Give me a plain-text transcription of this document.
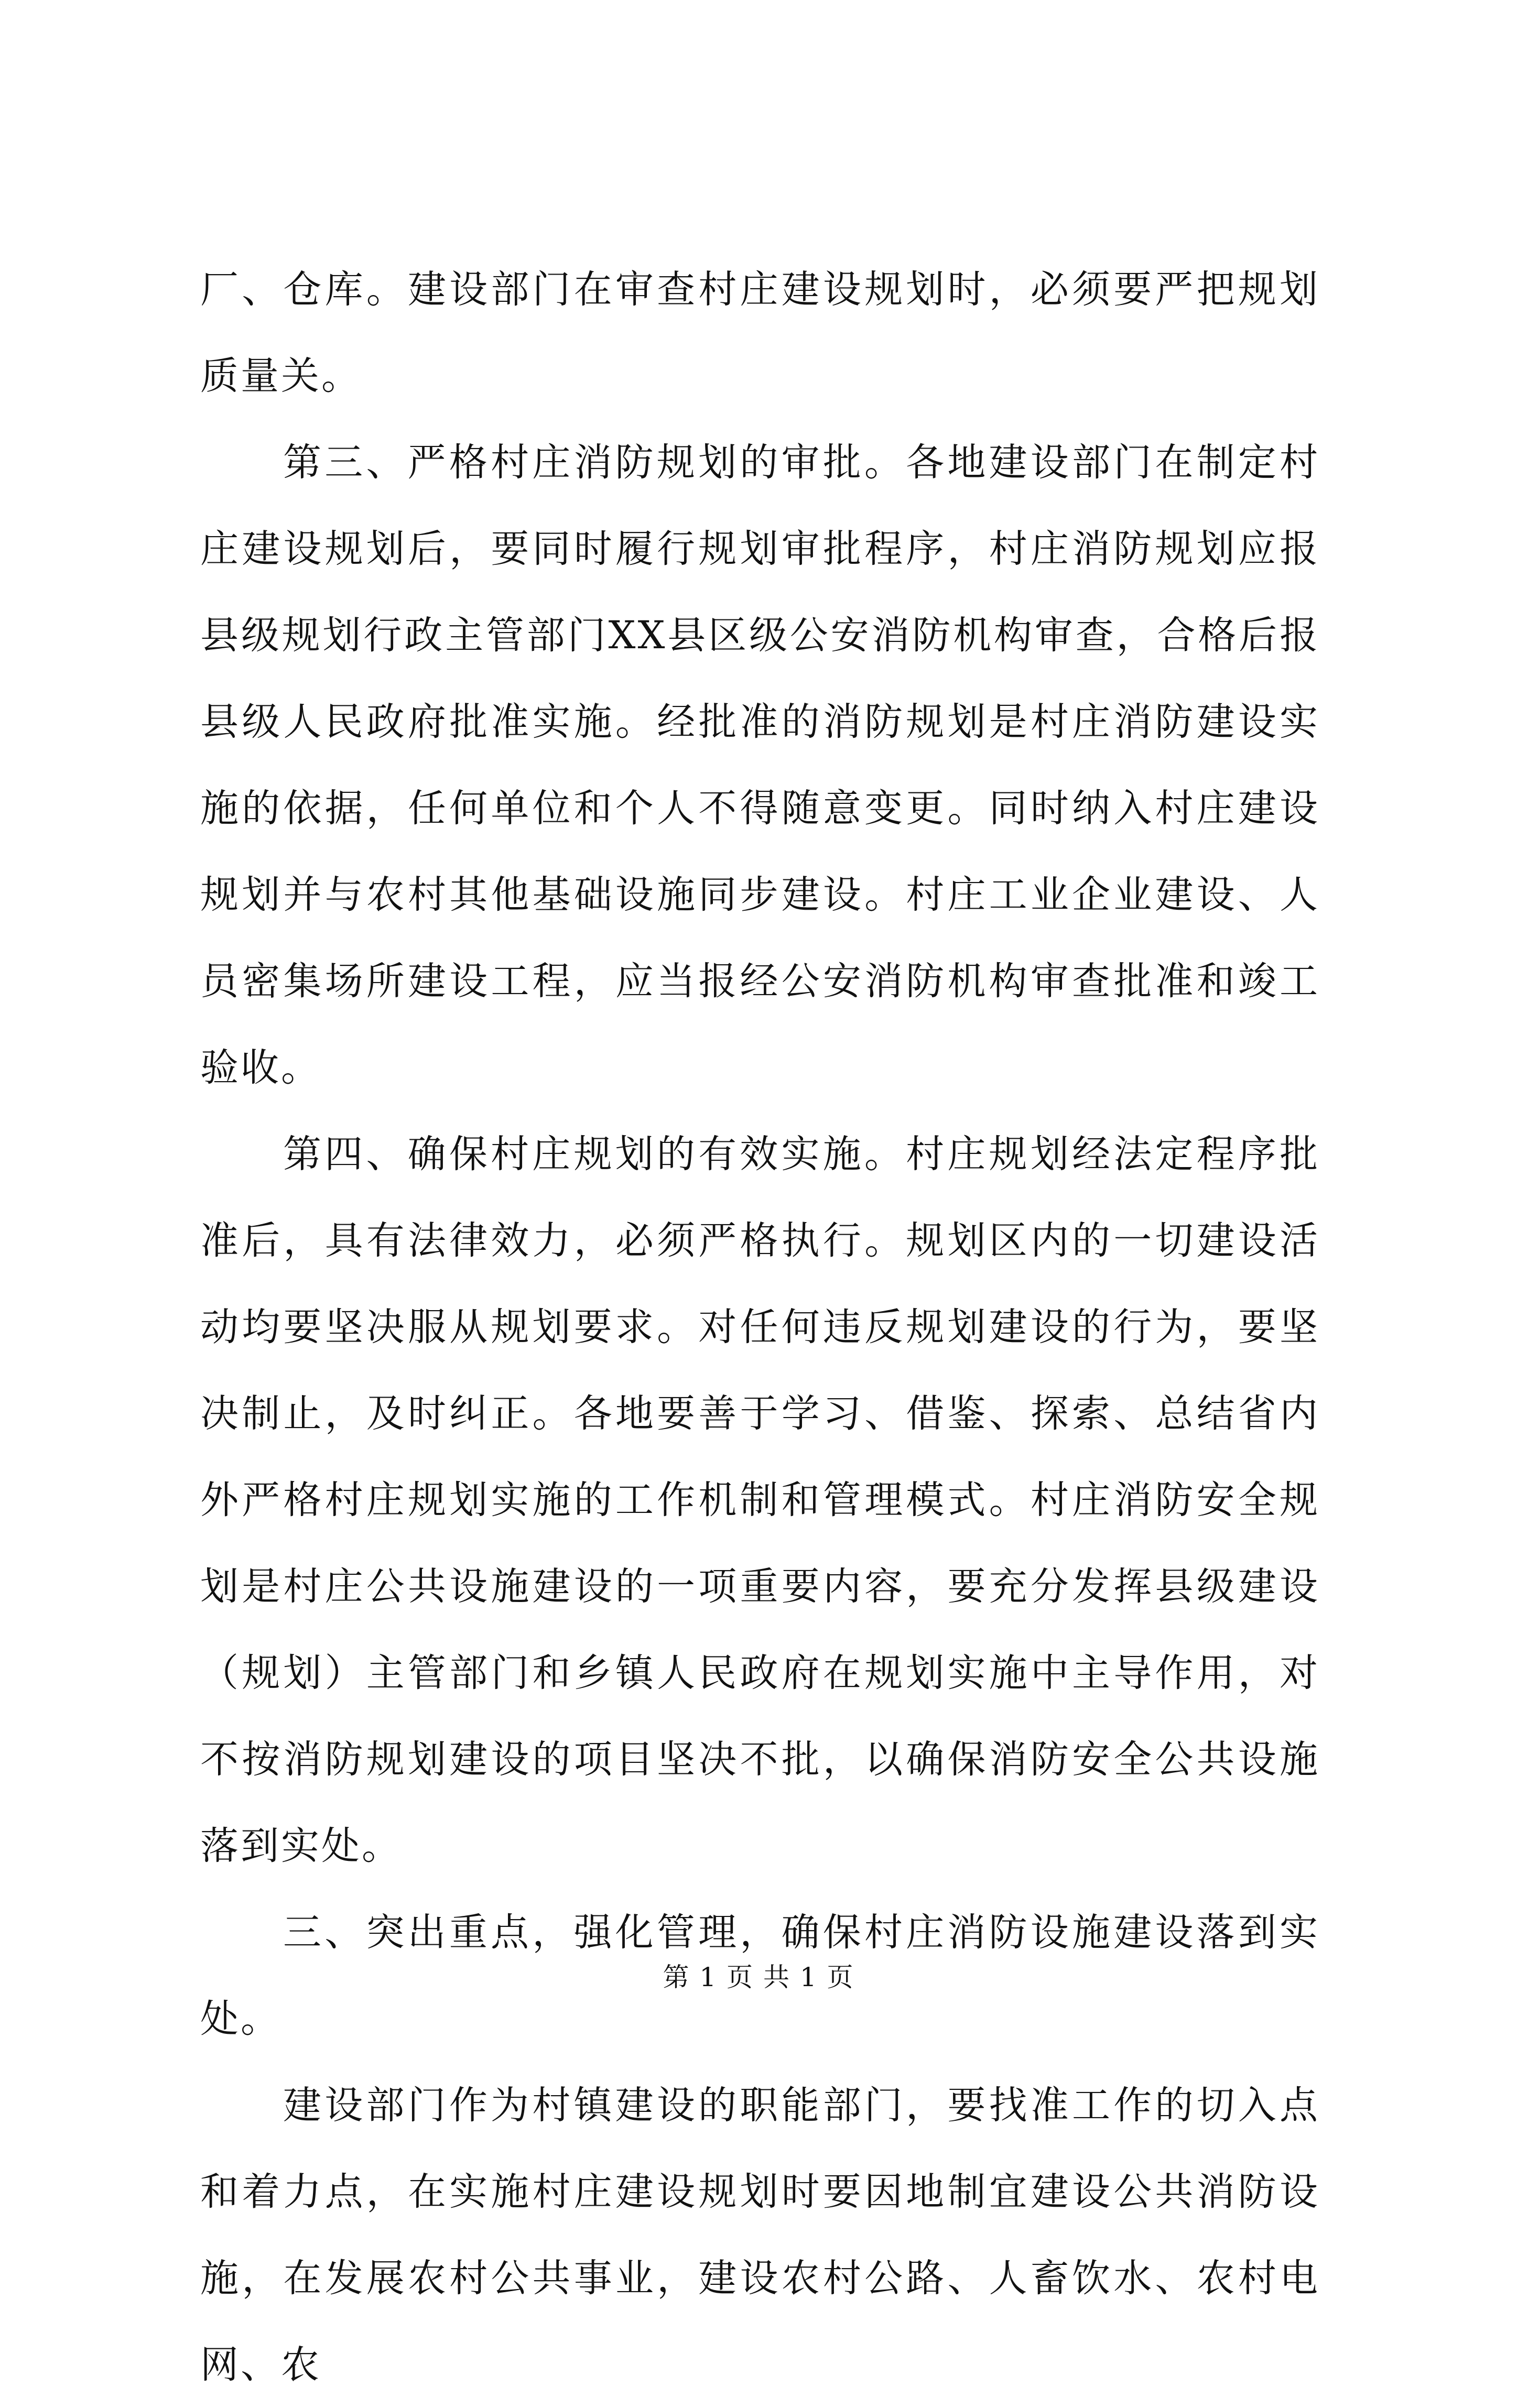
厂、仓库。建设部门在审查村庄建设规划时，必须要严把规划质量关。

第三、严格村庄消防规划的审批。各地建设部门在制定村庄建设规划后，要同时履行规划审批程序，村庄消防规划应报县级规划行政主管部门XX县区级公安消防机构审查，合格后报县级人民政府批准实施。经批准的消防规划是村庄消防建设实施的依据，任何单位和个人不得随意变更。同时纳入村庄建设规划并与农村其他基础设施同步建设。村庄工业企业建设、人员密集场所建设工程，应当报经公安消防机构审查批准和竣工验收。

第四、确保村庄规划的有效实施。村庄规划经法定程序批准后，具有法律效力，必须严格执行。规划区内的一切建设活动均要坚决服从规划要求。对任何违反规划建设的行为，要坚决制止，及时纠正。各地要善于学习、借鉴、探索、总结省内外严格村庄规划实施的工作机制和管理模式。村庄消防安全规划是村庄公共设施建设的一项重要内容，要充分发挥县级建设（规划）主管部门和乡镇人民政府在规划实施中主导作用，对不按消防规划建设的项目坚决不批，以确保消防安全公共设施落到实处。

三、突出重点，强化管理，确保村庄消防设施建设落到实处。

建设部门作为村镇建设的职能部门，要找准工作的切入点和着力点，在实施村庄建设规划时要因地制宜建设公共消防设施，在发展农村公共事业，建设农村公路、人畜饮水、农村电网、农

第 1 页 共 1 页
